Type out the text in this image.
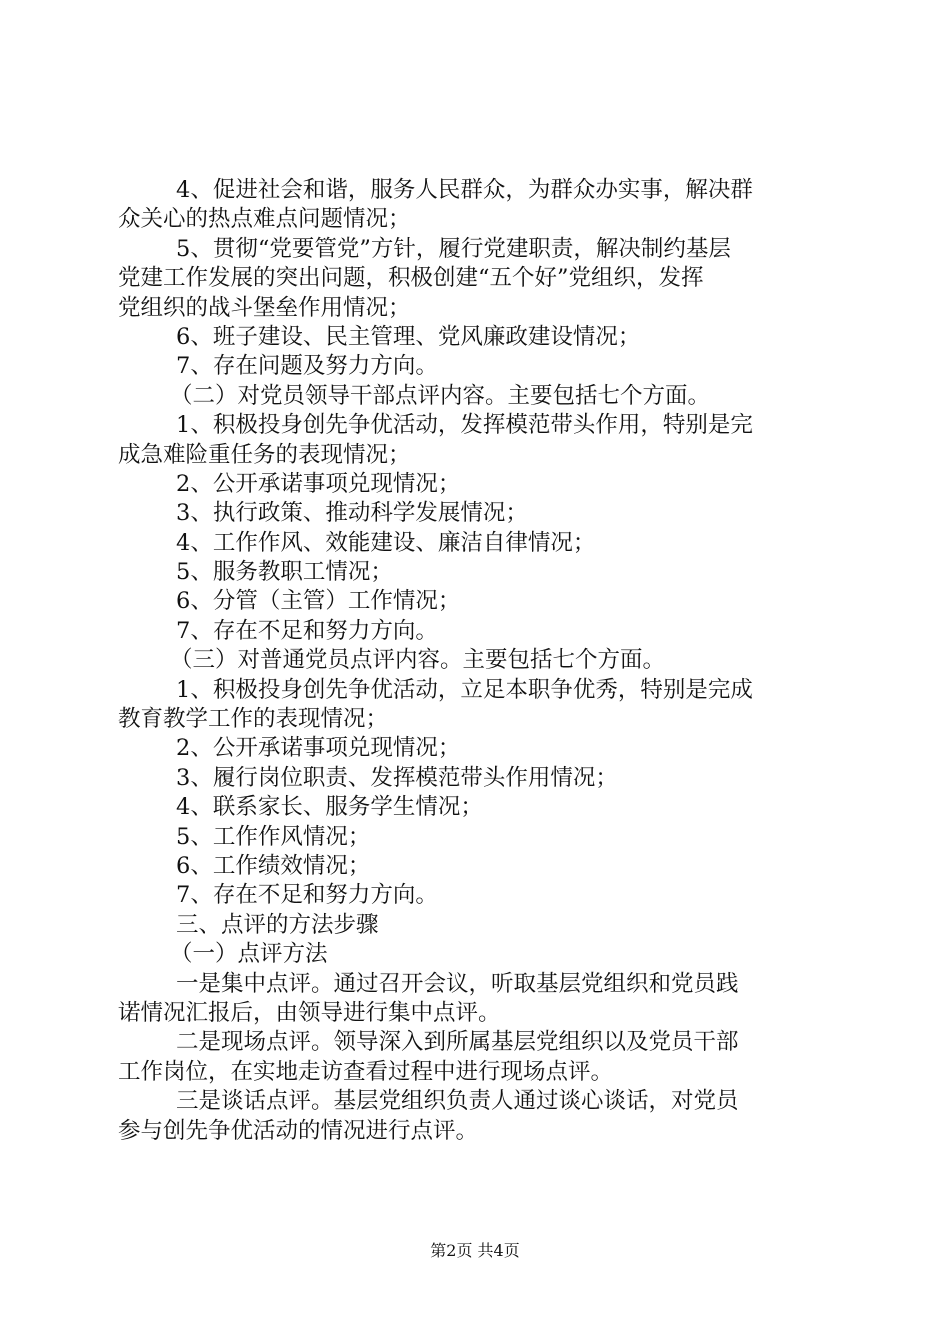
4、促进社会和谐，服务人民群众，为群众办实事，解决群
众关心的热点难点问题情况；
5、贯彻“党要管党”方针，履行党建职责，解决制约基层
党建工作发展的突出问题，积极创建“五个好”党组织，发挥
党组织的战斗堡垒作用情况；
6、班子建设、民主管理、党风廉政建设情况；
7、存在问题及努力方向。
（二）对党员领导干部点评内容。主要包括七个方面。
1、积极投身创先争优活动，发挥模范带头作用，特别是完
成急难险重任务的表现情况；
2、公开承诺事项兑现情况；
3、执行政策、推动科学发展情况；
4、工作作风、效能建设、廉洁自律情况；
5、服务教职工情况；
6、分管（主管）工作情况；
7、存在不足和努力方向。
（三）对普通党员点评内容。主要包括七个方面。
1、积极投身创先争优活动，立足本职争优秀，特别是完成
教育教学工作的表现情况；
2、公开承诺事项兑现情况；
3、履行岗位职责、发挥模范带头作用情况；
4、联系家长、服务学生情况；
5、工作作风情况；
6、工作绩效情况；
7、存在不足和努力方向。
三、点评的方法步骤
（一）点评方法
一是集中点评。通过召开会议，听取基层党组织和党员践
诺情况汇报后，由领导进行集中点评。
二是现场点评。领导深入到所属基层党组织以及党员干部
工作岗位，在实地走访查看过程中进行现场点评。
三是谈话点评。基层党组织负责人通过谈心谈话，对党员
参与创先争优活动的情况进行点评。
第2页 共4页
